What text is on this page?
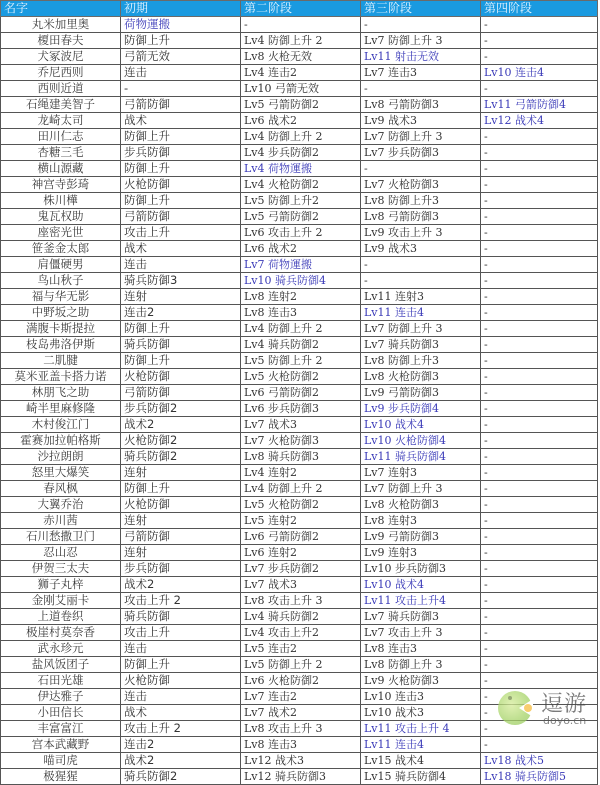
名字	初期	第二阶段	第三阶段	第四阶段
丸米加里奥	荷物運搬	-	-	-
榎田春夫	防御上升	Lv4 防御上升 2	Lv7 防御上升 3	-
犬冢波尼	弓箭无效	Lv8 火枪无效	Lv11 射击无效	-
乔尼西则	连击	Lv4 连击2	Lv7 连击3	Lv10 连击4
西则近道	-	Lv10 弓箭无效	-	-
石绳建美智子	弓箭防御	Lv5 弓箭防御2	Lv8 弓箭防御3	Lv11 弓箭防御4
龙崎太司	战术	Lv6 战术2	Lv9 战术3	Lv12 战术4
田川仁志	防御上升	Lv4 防御上升 2	Lv7 防御上升 3	-
杏糖三毛	步兵防御	Lv4 步兵防御2	Lv7 步兵防御3	-
横山源藏	防御上升	Lv4 荷物運搬	-	-
神宫寺彭琦	火枪防御	Lv4 火枪防御2	Lv7 火枪防御3	-
株川樺	防御上升	Lv5 防御上升2	Lv8 防御上升3	-
鬼瓦权助	弓箭防御	Lv5 弓箭防御2	Lv8 弓箭防御3	-
座密光世	攻击上升	Lv6 攻击上升 2	Lv9 攻击上升 3	-
笹釜金太郎	战术	Lv6 战术2	Lv9 战术3	-
肩僵硬男	连击	Lv7 荷物運搬	-	-
鸟山秋子	骑兵防御3	Lv10 骑兵防御4	-	-
福与华无影	连射	Lv8 连射2	Lv11 连射3	-
中野坂之助	连击2	Lv8 连击3	Lv11 连击4	-
满腹卡斯提拉	防御上升	Lv4 防御上升 2	Lv7 防御上升 3	-
枝岛弗洛伊斯	骑兵防御	Lv4 骑兵防御2	Lv7 骑兵防御3	-
二肌腱	防御上升	Lv5 防御上升 2	Lv8 防御上升3	-
莫米亚盖卡搭力诺	火枪防御	Lv5 火枪防御2	Lv8 火枪防御3	-
林朋飞之助	弓箭防御	Lv6 弓箭防御2	Lv9 弓箭防御3	-
崎半里麻修隆	步兵防御2	Lv6 步兵防御3	Lv9 步兵防御4	-
木村俊江门	战术2	Lv7 战术3	Lv10 战术4	-
霍赛加拉帕格斯	火枪防御2	Lv7 火枪防御3	Lv10 火枪防御4	-
沙拉朗朗	骑兵防御2	Lv8 骑兵防御3	Lv11 骑兵防御4	-
怒里大爆笑	连射	Lv4 连射2	Lv7 连射3	-
春风枫	防御上升	Lv4 防御上升 2	Lv7 防御上升 3	-
大翼乔治	火枪防御	Lv5 火枪防御2	Lv8 火枪防御3	-
赤川茜	连射	Lv5 连射2	Lv8 连射3	-
石川愁撒卫门	弓箭防御	Lv6 弓箭防御2	Lv9 弓箭防御3	-
忍山忍	连射	Lv6 连射2	Lv9 连射3	-
伊贺三太夫	步兵防御	Lv7 步兵防御2	Lv10 步兵防御3	-
狮子丸梓	战术2	Lv7 战术3	Lv10 战术4	-
金刚艾丽卡	攻击上升 2	Lv8 攻击上升 3	Lv11 攻击上升4	-
上道卷织	骑兵防御	Lv4 骑兵防御2	Lv7 骑兵防御3	-
极崖村莫奈香	攻击上升	Lv4 攻击上升2	Lv7 攻击上升 3	-
武永珍元	连击	Lv5 连击2	Lv8 连击3	-
盐风饭团子	防御上升	Lv5 防御上升 2	Lv8 防御上升 3	-
石田光雄	火枪防御	Lv6 火枪防御2	Lv9 火枪防御3	-
伊达雅子	连击	Lv7 连击2	Lv10 连击3	-
小田信长	战术	Lv7 战术2	Lv10 战术3	-
丰富富江	攻击上升 2	Lv8 攻击上升 3	Lv11 攻击上升 4	-
宫本武藏野	连击2	Lv8 连击3	Lv11 连击4	-
喵司虎	战术2	Lv12 战术3	Lv15 战术4	Lv18 战术5
极猩猩	骑兵防御2	Lv12 骑兵防御3	Lv15 骑兵防御4	Lv18 骑兵防御5
逗游
doyo.cn
